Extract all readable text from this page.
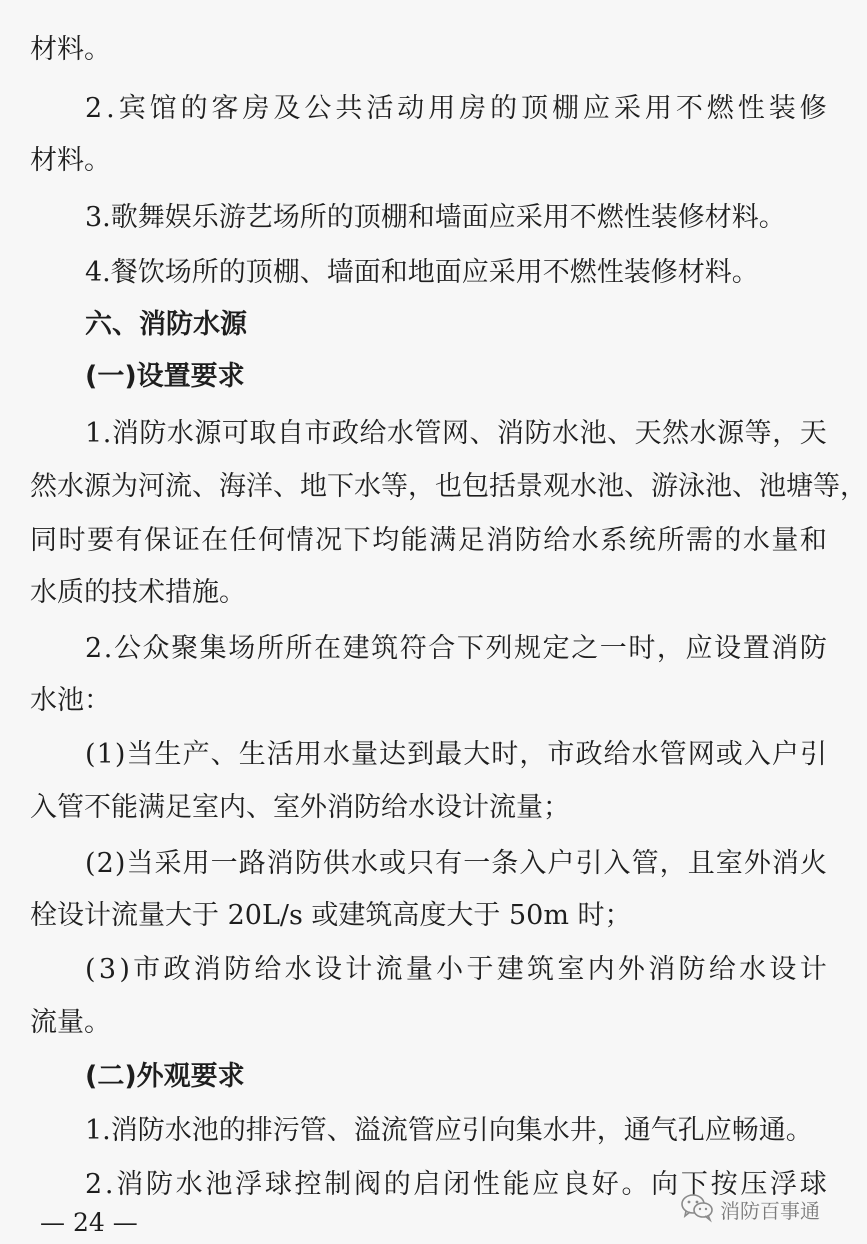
材料。
2 . 宾 馆 的 客 房 及 公 共 活 动 用 房 的 顶 棚 应 采 用 不 燃 性 装 修
材料。
3.歌舞娱乐游艺场所的顶棚和墙面应采用不燃性装修材料。
4.餐饮场所的顶棚、墙面和地面应采用不燃性装修材料。
六、消防水源
(一)设置要求
1 . 消 防 水 源 可 取 自 市 政 给 水 管 网 、 消 防 水 池 、 天 然 水 源 等 ， 天
然 水 源 为 河 流 、 海 洋 、 地 下 水 等 ， 也 包 括 景 观 水 池 、 游 泳 池 、 池 塘 等 ，
同 时 要 有 保 证 在 任 何 情 况 下 均 能 满 足 消 防 给 水 系 统 所 需 的 水 量 和
水质的技术措施。
2 . 公 众 聚 集 场 所 所 在 建 筑 符 合 下 列 规 定 之 一 时 ， 应 设 置 消 防
水池：
( 1 ) 当 生 产 、 生 活 用 水 量 达 到 最 大 时 ， 市 政 给 水 管 网 或 入 户 引
入管不能满足室内、室外消防给水设计流量；
( 2 ) 当 采 用 一 路 消 防 供 水 或 只 有 一 条 入 户 引 入 管 ， 且 室 外 消 火
栓设计流量大于 20L/s 或建筑高度大于 50m 时；
( 3 ) 市 政 消 防 给 水 设 计 流 量 小 于 建 筑 室 内 外 消 防 给 水 设 计
流量。
(二)外观要求
1.消防水池的排污管、溢流管应引向集水井，通气孔应畅通。
2 . 消 防 水 池 浮 球 控 制 阀 的 启 闭 性 能 应 良 好 。 向 下 按 压 浮 球
— 24 —	消防百事通
